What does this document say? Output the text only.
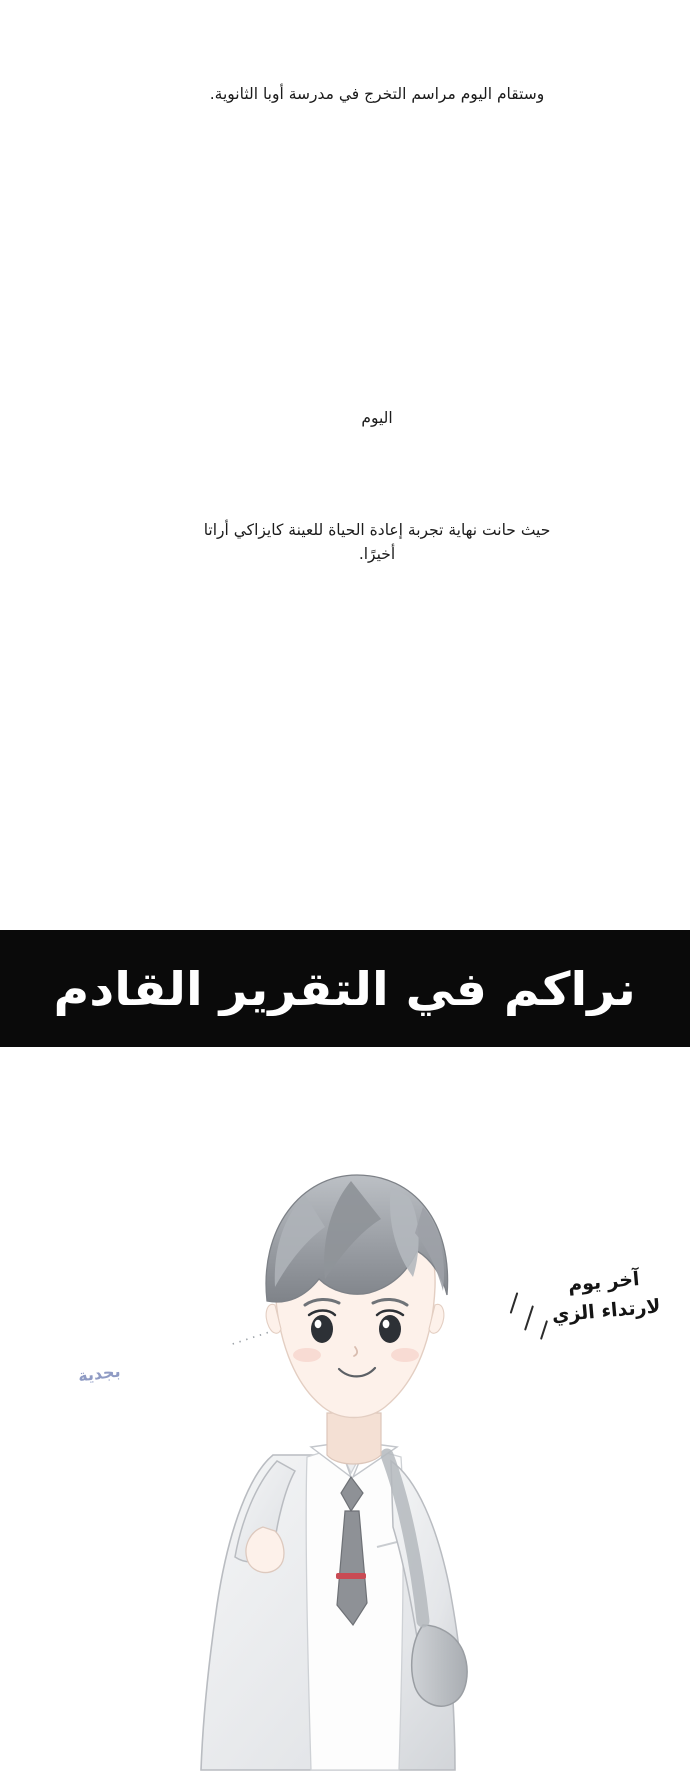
وستقام اليوم مراسم التخرج في مدرسة أوبا الثانوية.
اليوم
حيث حانت نهاية تجربة إعادة الحياة للعينة كايزاكي أراتا أخيرًا.
نراكم في التقرير القادم
......
آخر يوم لارتداء الزي
بجدية
